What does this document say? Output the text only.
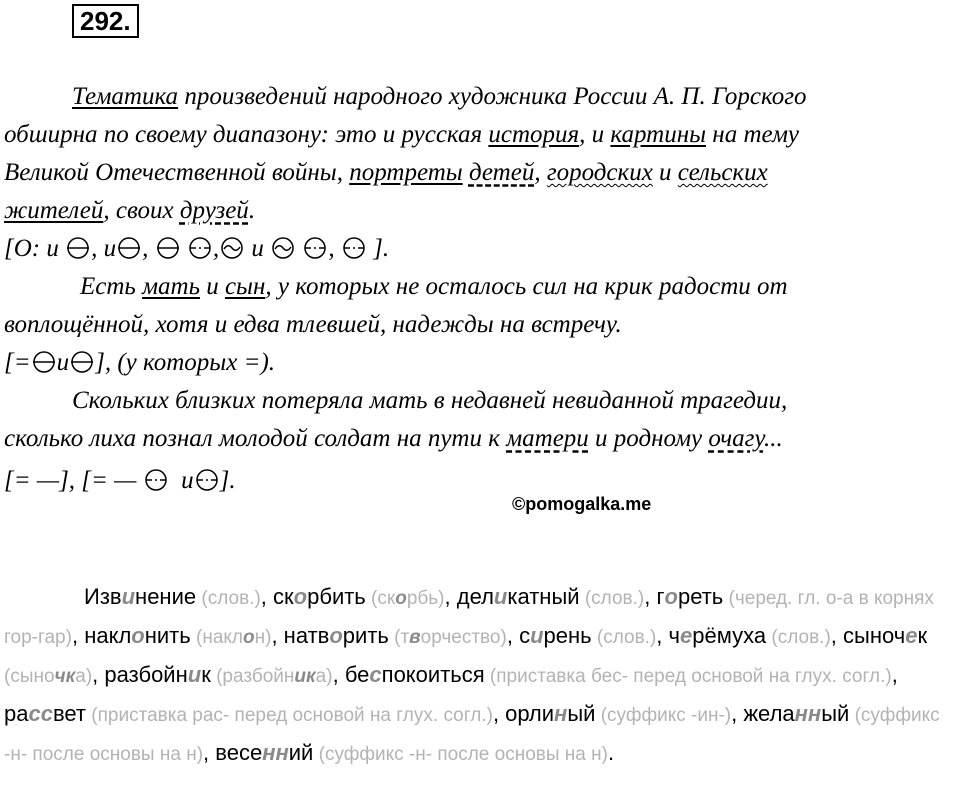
292.
Тематика произведений народного художника России А. П. Горского
обширна по своему диапазону: это и русская история, и картины на тему
Великой Отечественной войны, портреты детей, городских и сельских
жителей, своих друзей.
[О: и , и ,
	, и
	, ].
Есть мать и сын, у которых не осталось сил на крик радости от
воплощённой, хотя и едва тлевшей, надежды на встречу.
[= и ], (у которых =).
Скольких близких потеряла мать в недавней невиданной трагедии,
сколько лиха познал молодой солдат на пути к матери и родному очагу...
[= —], [= — и ].
©pomogalka.me
Извинение (слов.), скорбить (скорбь), деликатный (слов.), гореть (черед. гл. о-а в корнях гор-гар), наклонить (наклон), натворить (творчество), сирень (слов.), черёмуха (слов.), сыночек (сыночка), разбойник (разбойника), беспокоиться (приставка бес- перед основой на глух. согл.), рассвет (приставка рас- перед основой на глух. согл.), орлиный (суффикс -ин-), желанный (суффикс -н- после основы на н), весенний (суффикс -н- после основы на н).
